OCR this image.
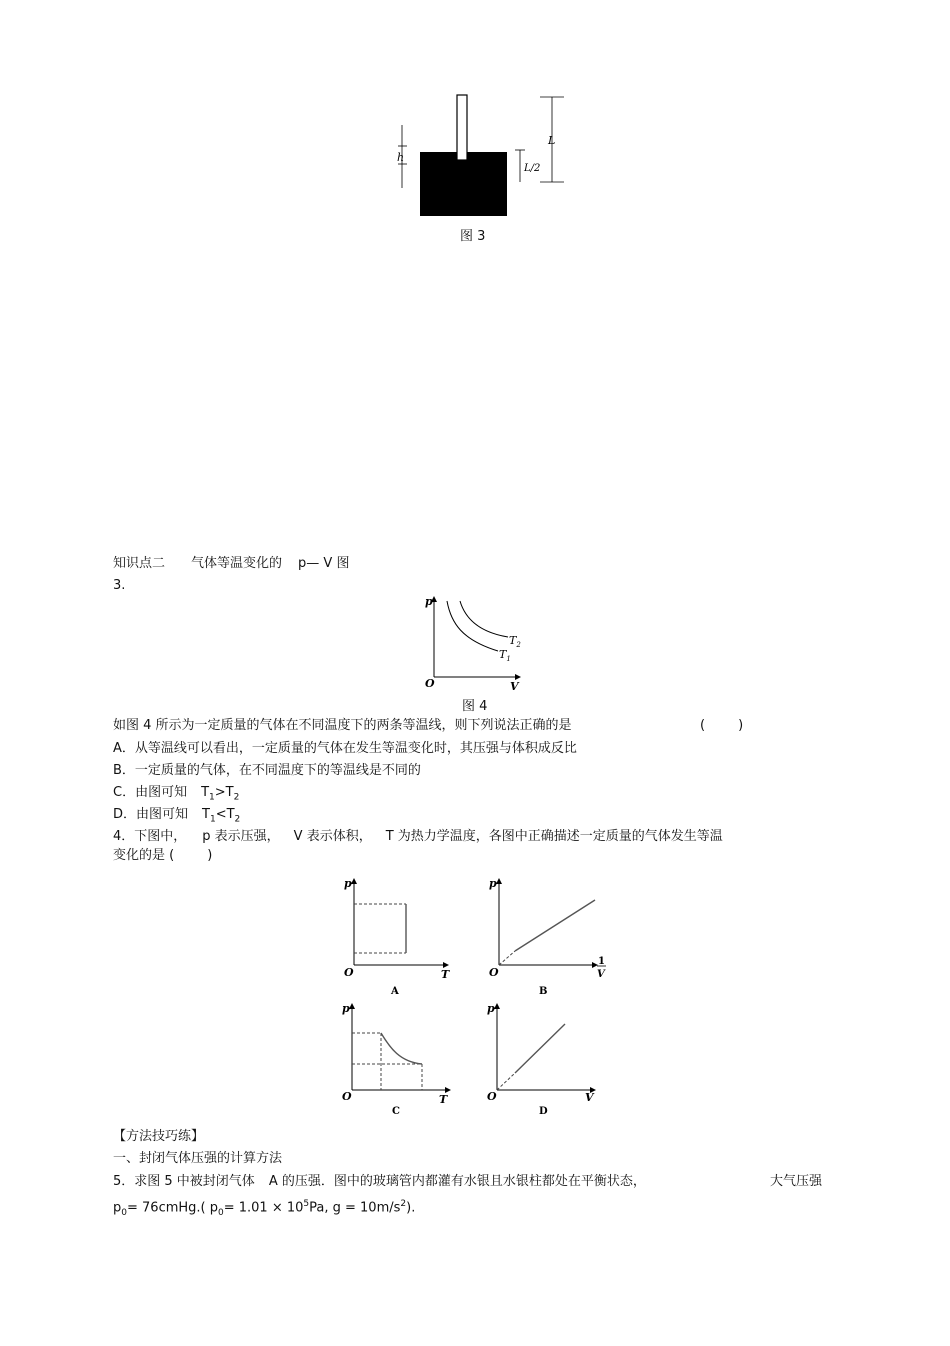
h
L
L/2
图 3
知识点二 气体等温变化的 p— V 图
3.
p
V
O
$T_2$
$T_1$
图 4
如图 4 所示为一定质量的气体在不同温度下的两条等温线，则下列说法正确的是	(        )
A．从等温线可以看出，一定质量的气体在发生等温变化时，其压强与体积成反比
B．一定质量的气体，在不同温度下的等温线是不同的
C．由图可知 $T_1>T_2$
D．由图可知 $T_1<T_2$
4．下图中， p 表示压强， V 表示体积， T 为热力学温度，各图中正确描述一定质量的气体发生等温
变化的是 (        )
p
T
O
A
p
1
V
O
B
p
T
O
C
p
V
O
D
【方法技巧练】
一、封闭气体压强的计算方法
5．求图 5 中被封闭气体 A 的压强．图中的玻璃管内都灌有水银且水银柱都处在平衡状态，	大气压强
$p_0=$ 76cmHg.( $p_0= 1.01 \times 10^5Pa$, $g = 10m/s^2$).
